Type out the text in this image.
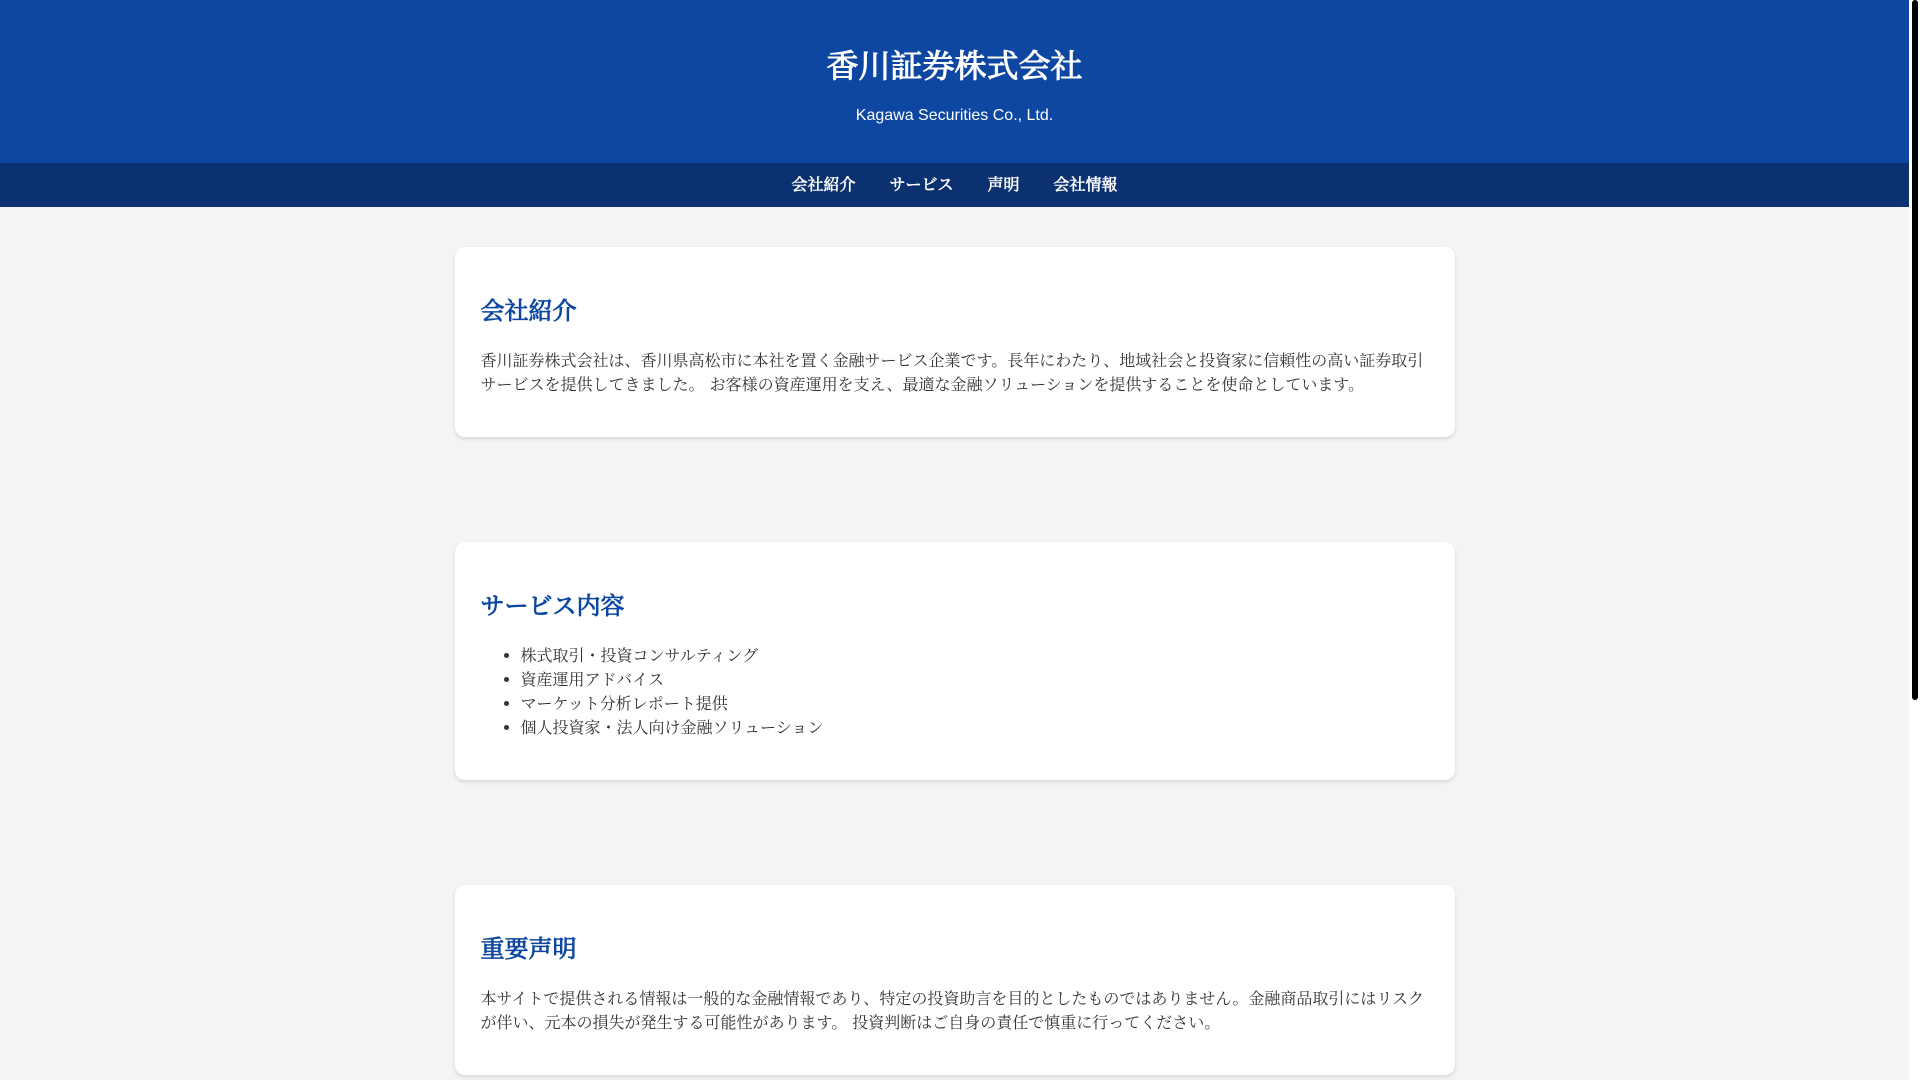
香川証券株式会社

Kagawa Securities Co., Ltd.

会社紹介 サービス 声明 会社情報
会社紹介

香川証券株式会社は、香川県高松市に本社を置く金融サービス企業です。長年にわたり、地域社会と投資家に信頼性の高い証券取引サービスを提供してきました。 お客様の資産運用を支え、最適な金融ソリューションを提供することを使命としています。

サービス内容
• 株式取引・投資コンサルティング
• 資産運用アドバイス
• マーケット分析レポート提供
• 個人投資家・法人向け金融ソリューション
重要声明

本サイトで提供される情報は一般的な金融情報であり、特定の投資助言を目的としたものではありません。金融商品取引にはリスクが伴い、元本の損失が発生する可能性があります。 投資判断はご自身の責任で慎重に行ってください。
